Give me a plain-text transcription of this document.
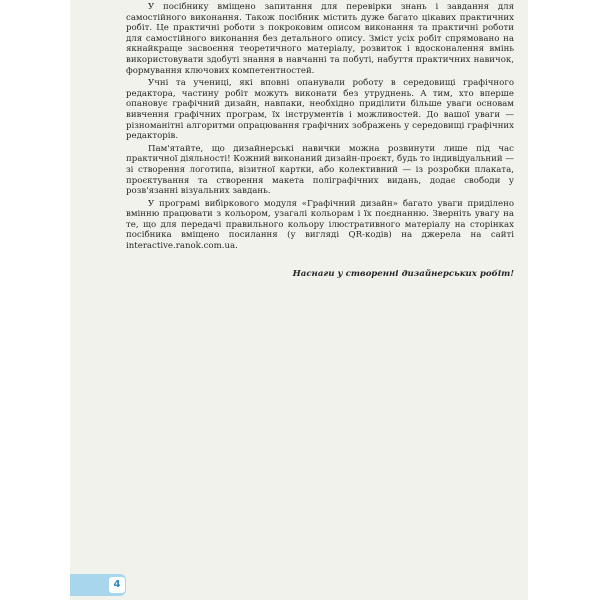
У посібнику вміщено запитання для перевірки знань і завдання для самостійного виконання. Також посібник містить дуже багато цікавих практичних робіт. Це практичні роботи з покроковим описом виконання та практичні роботи для самостійного виконання без детального опису. Зміст усіх робіт спрямовано на якнайкраще засвоєння теоретичного матеріалу, розвиток і вдосконалення вмінь використовувати здобуті знання в навчанні та побуті, набуття практичних навичок, формування ключових компетентностей.

Учні та учениці, які вповні опанували роботу в середовищі графічного редактора, частину робіт можуть виконати без утруднень. А тим, хто вперше опановує графічний дизайн, навпаки, необхідно приділити більше уваги основам вивчення графічних програм, їх інструментів і можливостей. До вашої уваги — різноманітні алгоритми опрацювання графічних зображень у середовищі графічних редакторів.

Пам'ятайте, що дизайнерські навички можна розвинути лише під час практичної діяльності! Кожний виконаний дизайн-проєкт, будь то індивідуальний — зі створення логотипа, візитної картки, або колективний — із розробки плаката, проєктування та створення макета поліграфічних видань, додає свободи у розв'язанні візуальних завдань.

У програмі вибіркового модуля «Графічний дизайн» багато уваги приділено вмінню працювати з кольором, узагалі кольорам і їх поєднанню. Зверніть увагу на те, що для передачі правильного кольору ілюстративного матеріалу на сторінках посібника вміщено посилання (у вигляді QR-кодів) на джерела на сайті interactive.ranok.com.ua.

Наснаги у створенні дизайнерських робіт!

4
